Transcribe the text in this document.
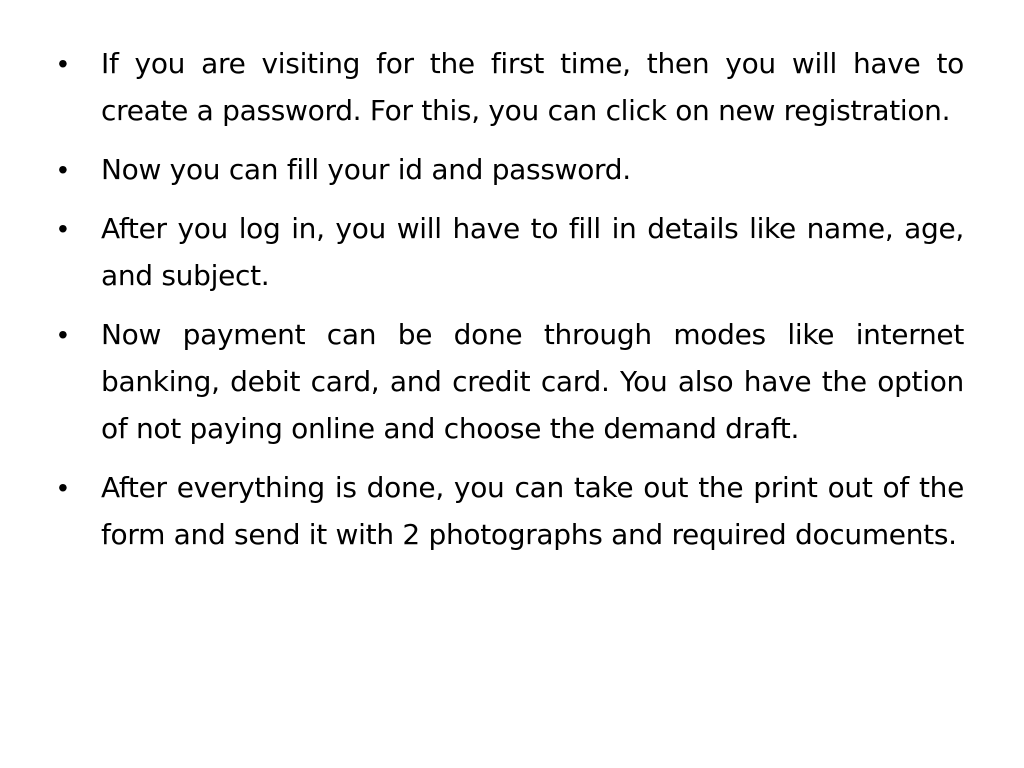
•	If you are visiting for the first time, then you will have to create a password. For this, you can click on new registration.
•	Now you can fill your id and password.
•	After you log in, you will have to fill in details like name, age, and subject.
•	Now payment can be done through modes like internet banking, debit card, and credit card. You also have the option of not paying online and choose the demand draft.
•	After everything is done, you can take out the print out of the form and send it with 2 photographs and required documents.
